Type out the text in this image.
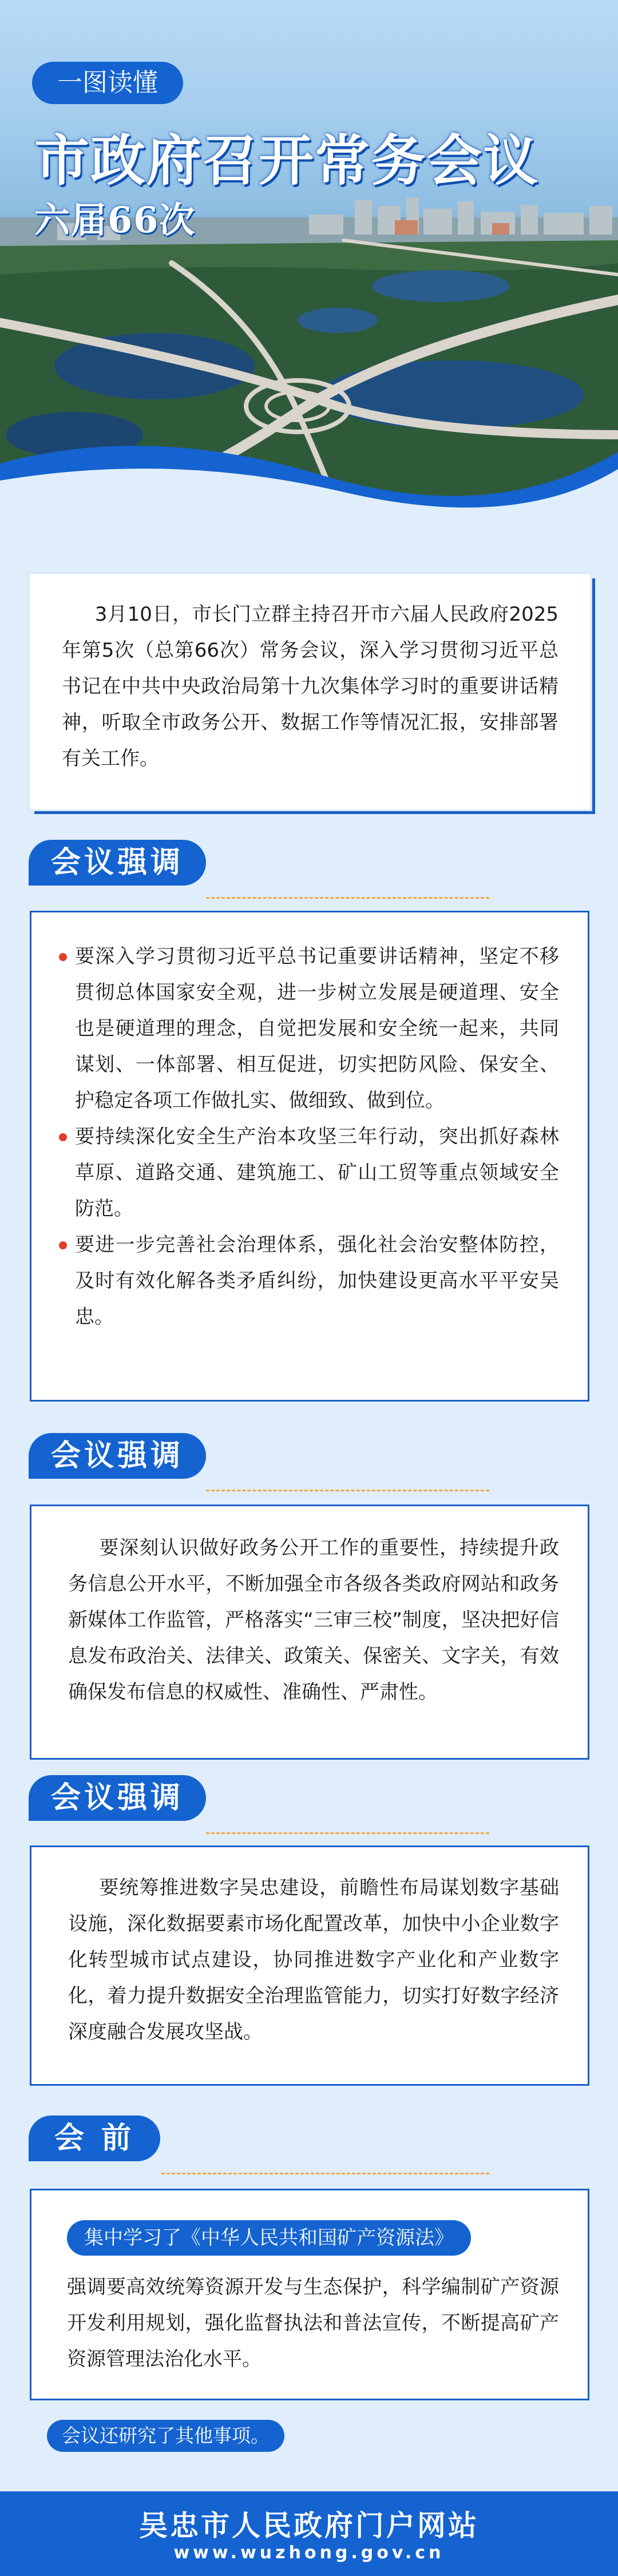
一图读懂
市政府召开常务会议
六届66次

3月10日，市长门立群主持召开市六届人民政府2025年第5次（总第66次）常务会议，深入学习贯彻习近平总书记在中共中央政治局第十九次集体学习时的重要讲话精神，听取全市政务公开、数据工作等情况汇报，安排部署有关工作。

会议强调

要深入学习贯彻习近平总书记重要讲话精神，坚定不移贯彻总体国家安全观，进一步树立发展是硬道理、安全也是硬道理的理念，自觉把发展和安全统一起来，共同谋划、一体部署、相互促进，切实把防风险、保安全、护稳定各项工作做扎实、做细致、做到位。

要持续深化安全生产治本攻坚三年行动，突出抓好森林草原、道路交通、建筑施工、矿山工贸等重点领域安全防范。

要进一步完善社会治理体系，强化社会治安整体防控，及时有效化解各类矛盾纠纷，加快建设更高水平平安吴忠。

会议强调

要深刻认识做好政务公开工作的重要性，持续提升政务信息公开水平，不断加强全市各级各类政府网站和政务新媒体工作监管，严格落实“三审三校”制度，坚决把好信息发布政治关、法律关、政策关、保密关、文字关，有效确保发布信息的权威性、准确性、严肃性。

会议强调

要统筹推进数字吴忠建设，前瞻性布局谋划数字基础设施，深化数据要素市场化配置改革，加快中小企业数字化转型城市试点建设，协同推进数字产业化和产业数字化，着力提升数据安全治理监管能力，切实打好数字经济深度融合发展攻坚战。

会前
集中学习了《中华人民共和国矿产资源法》

强调要高效统筹资源开发与生态保护，科学编制矿产资源开发利用规划，强化监督执法和普法宣传，不断提高矿产资源管理法治化水平。

会议还研究了其他事项。
吴忠市人民政府门户网站
www.wuzhong.gov.cn
